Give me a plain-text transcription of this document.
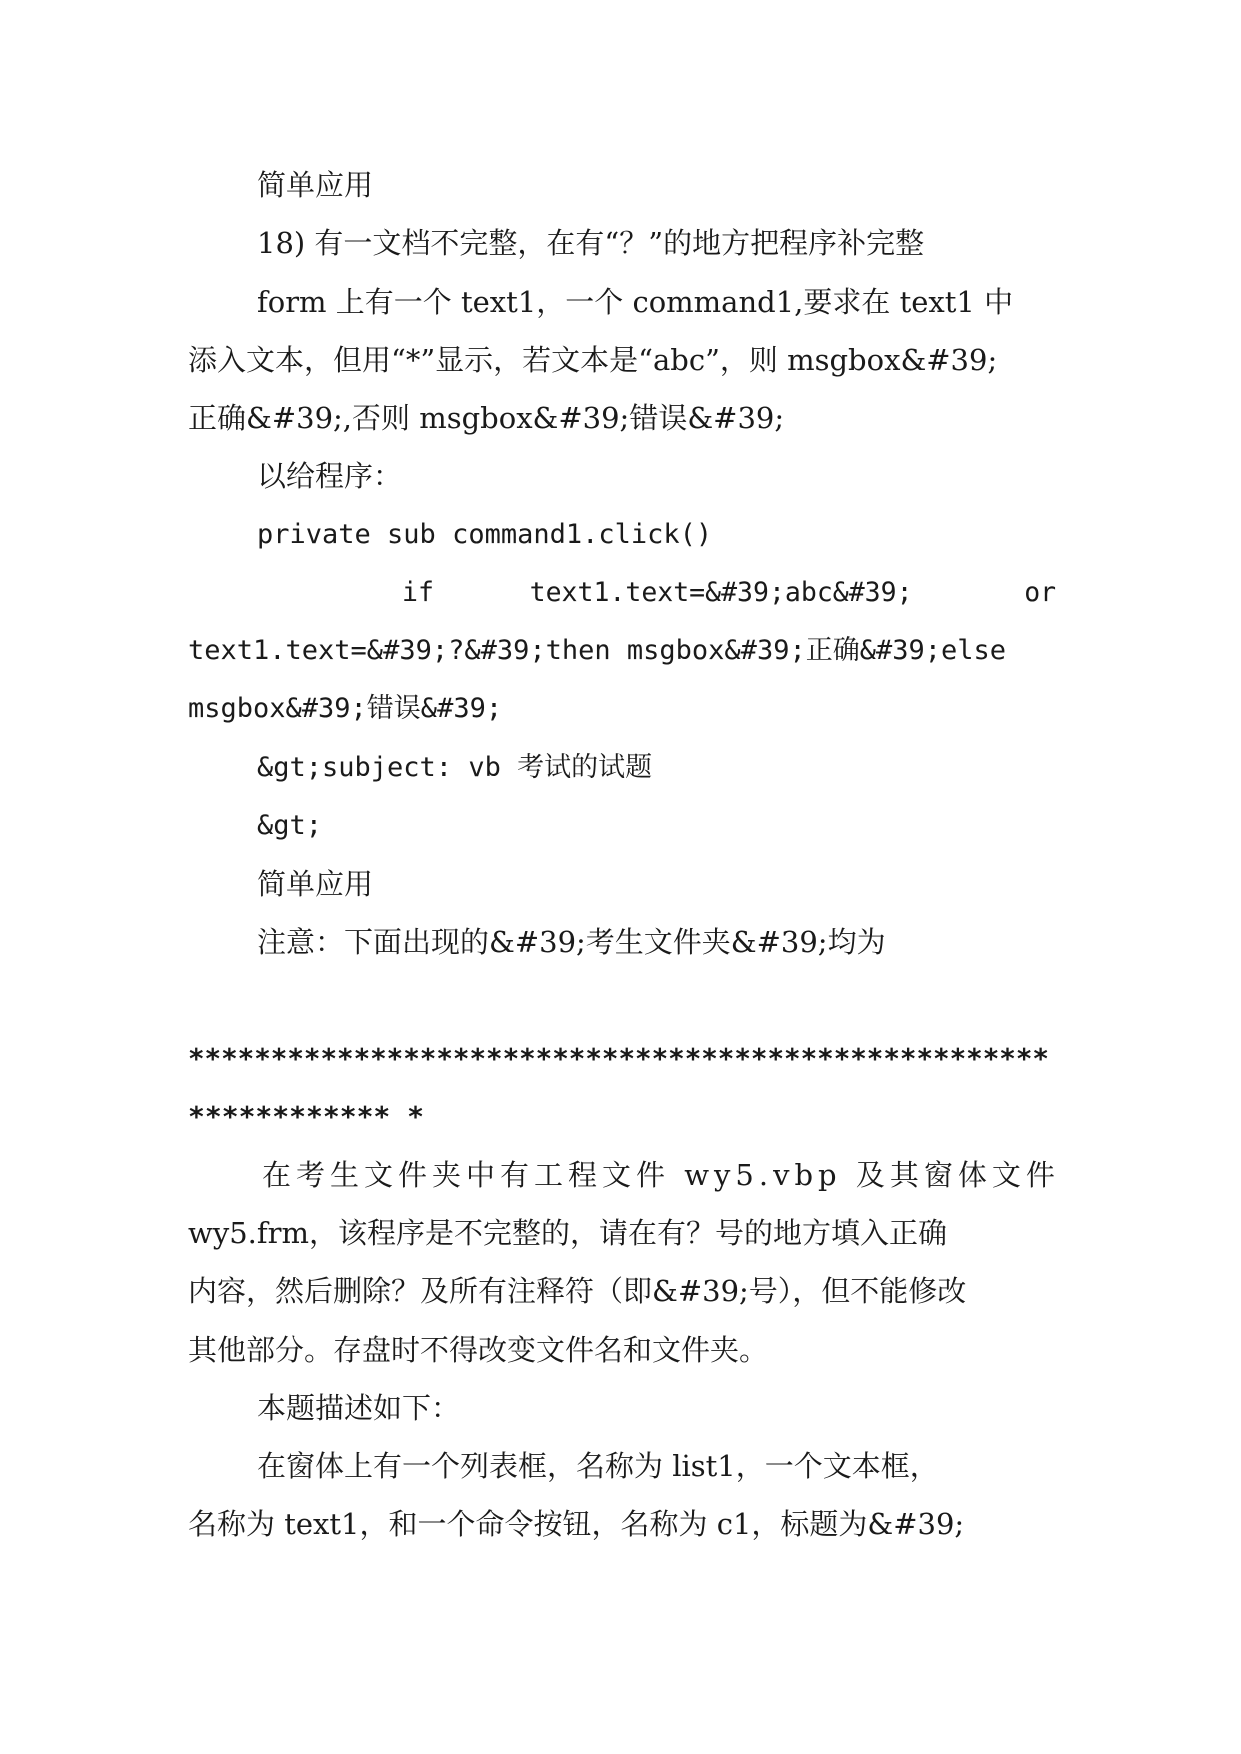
简单应用
18) 有一文档不完整，在有“？”的地方把程序补完整
form 上有一个 text1，一个 command1,要求在 text1 中
添入文本，但用“*”显示，若文本是“abc”，则 msgbox&#39;
正确&#39;,否则 msgbox&#39;错误&#39;
以给程序：
private sub command1.click()
if      text1.text=&#39;abc&#39;       or
text1.text=&#39;?&#39;then msgbox&#39;正确&#39;else
msgbox&#39;错误&#39;
&gt;subject: vb 考试的试题
&gt;
简单应用
注意：下面出现的&#39;考生文件夹&#39;均为
****************************************************
************ *
在考生文件夹中有工程文件 wy5.vbp 及其窗体文件
wy5.frm，该程序是不完整的，请在有？号的地方填入正确
内容，然后删除？及所有注释符（即&#39;号），但不能修改
其他部分。存盘时不得改变文件名和文件夹。
本题描述如下：
在窗体上有一个列表框，名称为 list1，一个文本框，
名称为 text1，和一个命令按钮，名称为 c1，标题为&#39;
